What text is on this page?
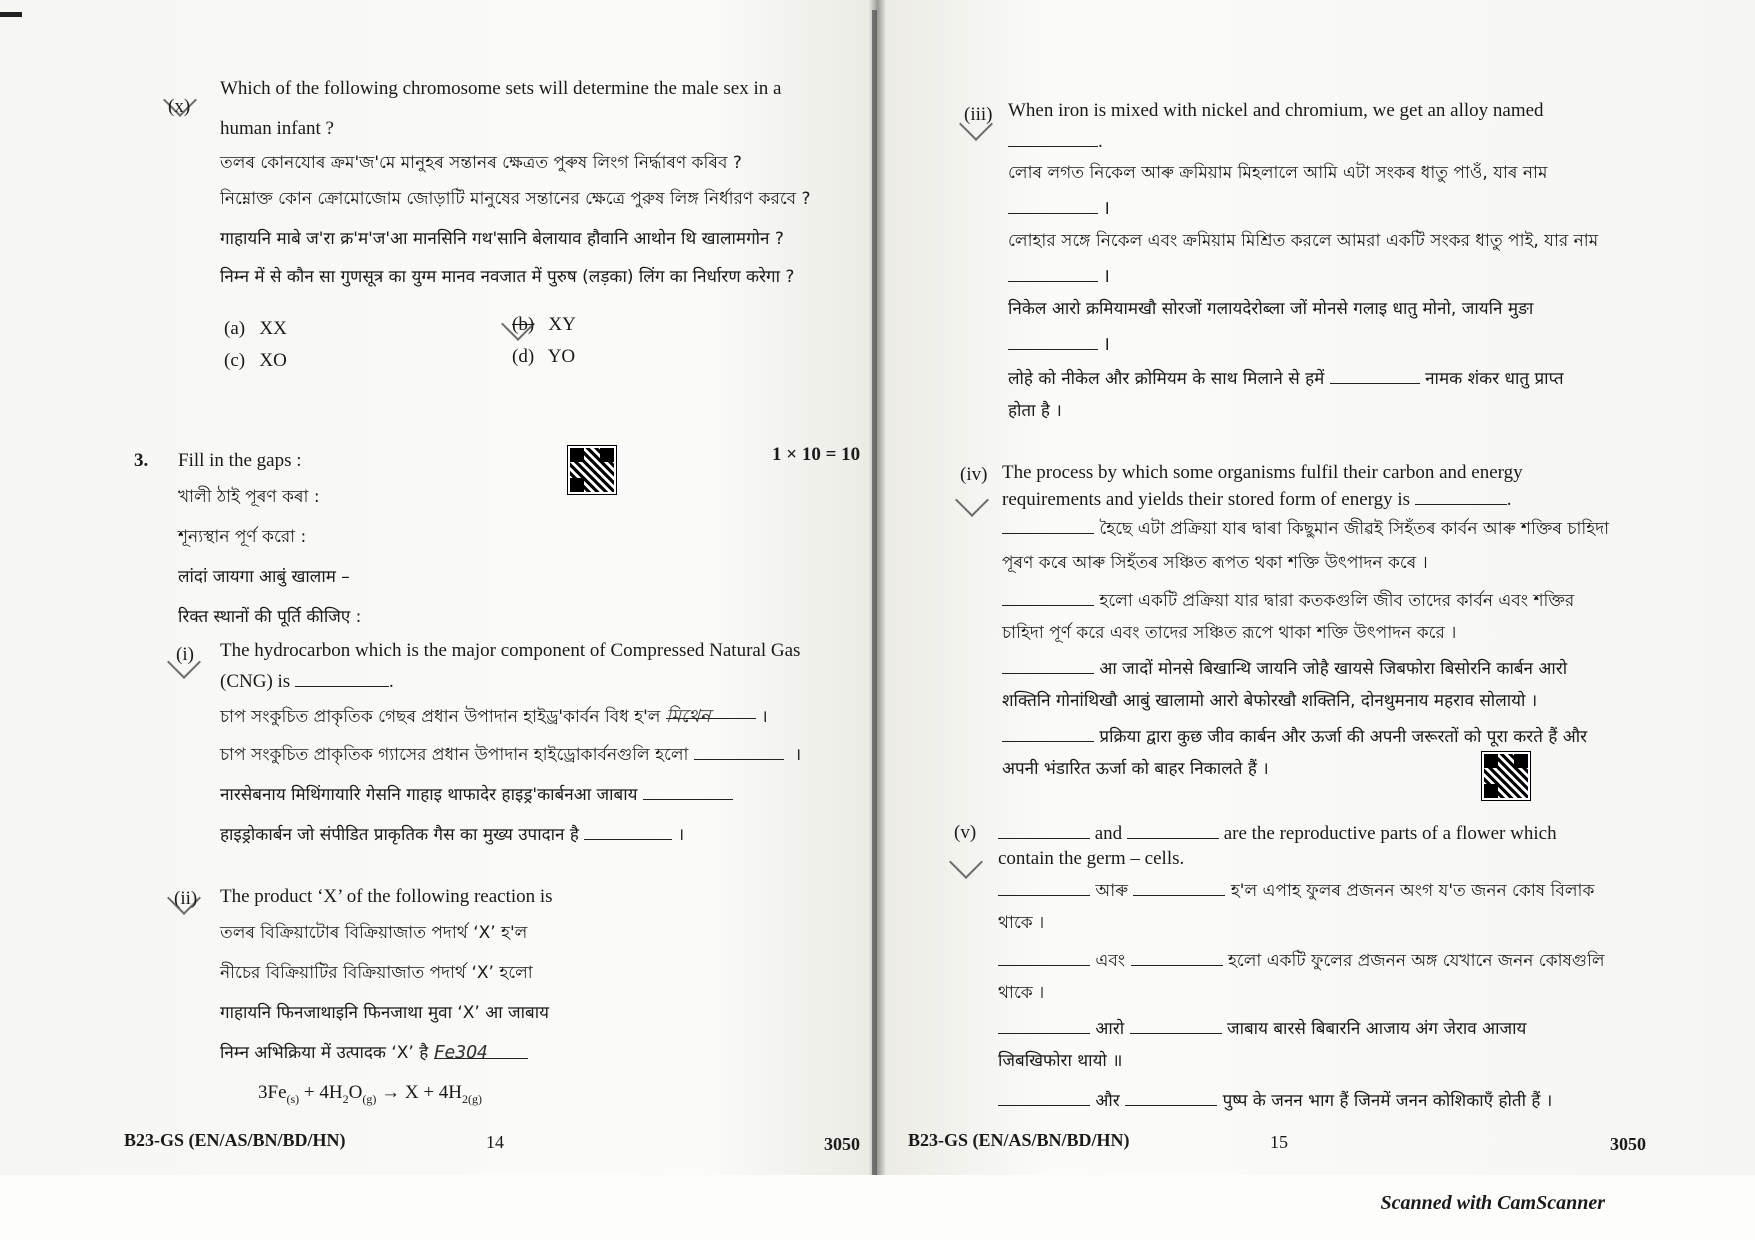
(x)
Which of the following chromosome sets will determine the male sex in a
human infant ?
তলৰ কোনযোৰ ক্ৰম'জ'মে মানুহৰ সন্তানৰ ক্ষেত্ৰত পুৰুষ লিংগ নিৰ্দ্ধাৰণ কৰিব ?
নিম্নোক্ত কোন ক্রোমোজোম জোড়াটি মানুষের সন্তানের ক্ষেত্রে পুরুষ লিঙ্গ নির্ধারণ করবে ?
गाहायनि माबे ज'रा क्र'म'ज'आ मानसिनि गथ'सानि बेलायाव हौवानि आथोन थि खालामगोन ?
निम्न में से कौन सा गुणसूत्र का युग्म मानव नवजात में पुरुष (लड़का) लिंग का निर्धारण करेगा ?
(a) XX	(b) XY
(c) XO	(d) YO
3. Fill in the gaps :	1 × 10 = 10
খালী ঠাই পূৰণ কৰা :
শূন্যস্থান পূর্ণ করো :
लांदां जायगा आबुं खालाम –
रिक्त स्थानों की पूर्ति कीजिए :
(i) The hydrocarbon which is the major component of Compressed Natural Gas
(CNG) is	.
চাপ সংকুচিত প্ৰাকৃতিক গেছৰ প্ৰধান উপাদান হাইড্ৰ'কাৰ্বন বিধ হ'ল মিথেন	।
চাপ সংকুচিত প্রাকৃতিক গ্যাসের প্রধান উপাদান হাইড্রোকার্বনগুলি হলো	।
नारसेबनाय मिथिंगायारि गेसनि गाहाइ थाफादेर हाइड्र'कार्बनआ जाबाय
हाइड्रोकार्बन जो संपीडित प्राकृतिक गैस का मुख्य उपादान है	।
(ii) The product ‘X’ of the following reaction is
তলৰ বিক্ৰিয়াটোৰ বিক্ৰিয়াজাত পদাৰ্থ ‘X’ হ'ল
নীচের বিক্রিয়াটির বিক্রিয়াজাত পদার্থ ‘X’ হলো
गाहायनि फिनजाथाइनि फिनजाथा मुवा ‘X’ आ जाबाय
निम्न अभिक्रिया में उत्पादक ‘X’ है Fe3O4
$3Fe_{(s)} + 4H_2O_{(g)} \to X + 4H_{2(g)}$
B23-GS (EN/AS/BN/BD/HN)	14	3050
(iii) When iron is mixed with nickel and chromium, we get an alloy named
.
লোৰ লগত নিকেল আৰু ক্ৰমিয়াম মিহলালে আমি এটা সংকৰ ধাতু পাওঁ, যাৰ নাম
।
লোহার সঙ্গে নিকেল এবং ক্রমিয়াম মিশ্রিত করলে আমরা একটি সংকর ধাতু পাই, যার নাম
।
निकेल आरो क्रमियामखौ सोरजों गलायदेरोब्ला जों मोनसे गलाइ धातु मोनो, जायनि मुङा
।
लोहे को नीकेल और क्रोमियम के साथ मिलाने से हमें	नामक शंकर धातु प्राप्त
होता है ।
(iv) The process by which some organisms fulfil their carbon and energy
requirements and yields their stored form of energy is	.
হৈছে এটা প্ৰক্ৰিয়া যাৰ দ্বাৰা কিছুমান জীৱই সিহঁতৰ কাৰ্বন আৰু শক্তিৰ চাহিদা
পূৰণ কৰে আৰু সিহঁতৰ সঞ্চিত ৰূপত থকা শক্তি উৎপাদন কৰে ।
হলো একটি প্রক্রিয়া যার দ্বারা কতকগুলি জীব তাদের কার্বন এবং শক্তির
চাহিদা পূর্ণ করে এবং তাদের সঞ্চিত রূপে থাকা শক্তি উৎপাদন করে ।
आ जादों मोनसे बिखान्थि जायनि जोहै खायसे जिबफोरा बिसोरनि कार्बन आरो
शक्तिनि गोनांथिखौ आबुं खालामो आरो बेफोरखौ शक्तिनि, दोनथुमनाय महराव सोलायो ।
प्रक्रिया द्वारा कुछ जीव कार्बन और ऊर्जा की अपनी जरूरतों को पूरा करते हैं और
अपनी भंडारित ऊर्जा को बाहर निकालते हैं ।
(v)	and	are the reproductive parts of a flower which
contain the germ – cells.
আৰু	হ'ল এপাহ ফুলৰ প্ৰজনন অংগ য'ত জনন কোষ বিলাক
থাকে ।
এবং	হলো একটি ফুলের প্রজনন অঙ্গ যেখানে জনন কোষগুলি
থাকে ।
आरो	जाबाय बारसे बिबारनि आजाय अंग जेराव आजाय
जिबखिफोरा थायो ॥
और	पुष्प के जनन भाग हैं जिनमें जनन कोशिकाएँ होती हैं ।
B23-GS (EN/AS/BN/BD/HN)	15	3050
Scanned with CamScanner
